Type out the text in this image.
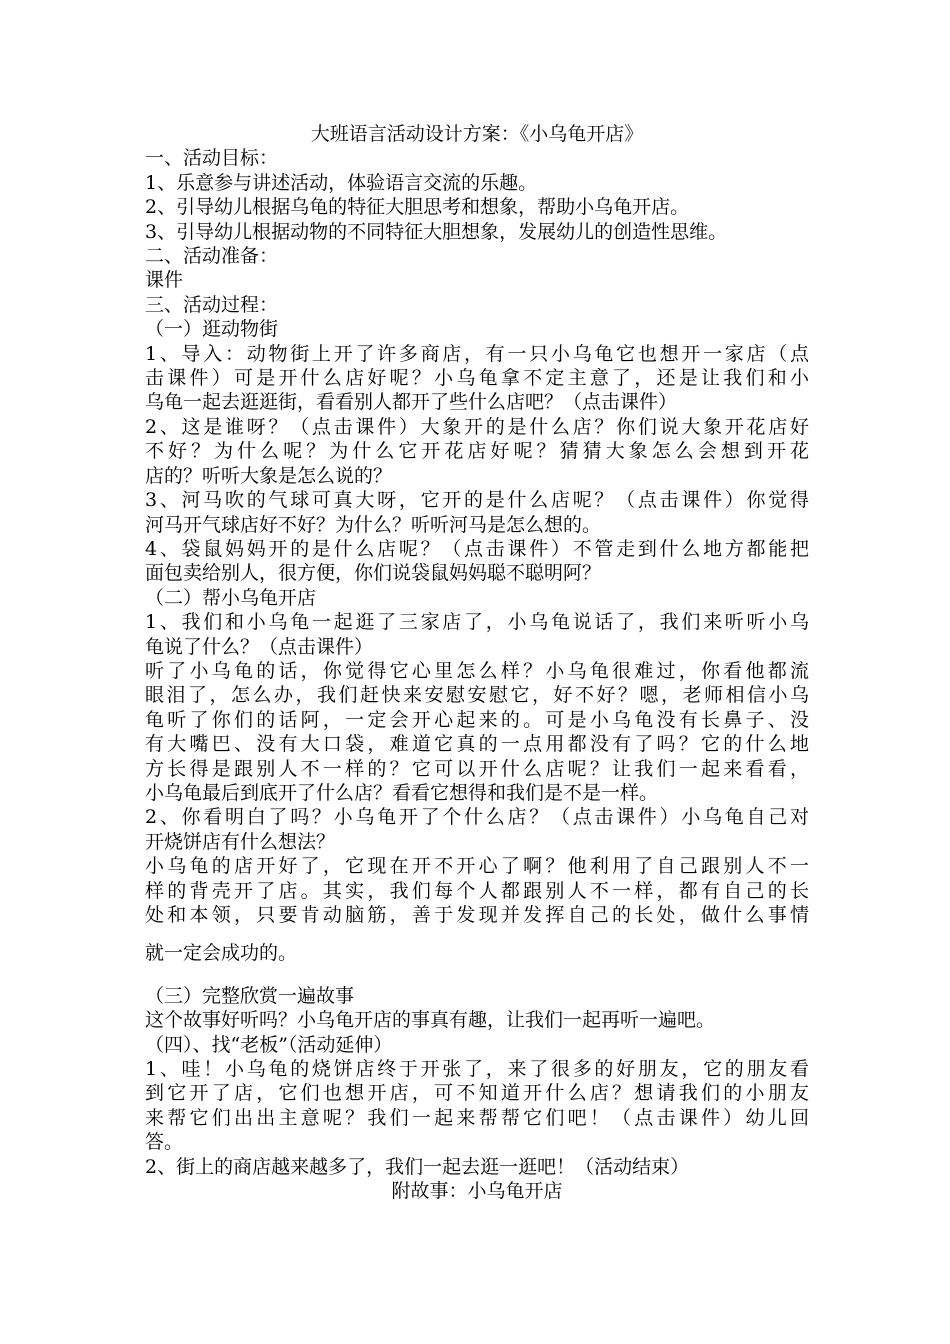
大班语言活动设计方案：《小乌龟开店》
一、活动目标：
1、乐意参与讲述活动，体验语言交流的乐趣。
2、引导幼儿根据乌龟的特征大胆思考和想象，帮助小乌龟开店。
3、引导幼儿根据动物的不同特征大胆想象，发展幼儿的创造性思维。
二、活动准备：
课件
三、活动过程：
（一）逛动物街
1、导入：动物街上开了许多商店，有一只小乌龟它也想开一家店（点
击课件）可是开什么店好呢？小乌龟拿不定主意了，还是让我们和小
乌龟一起去逛逛街，看看别人都开了些什么店吧？（点击课件）
2、这是谁呀？（点击课件）大象开的是什么店？你们说大象开花店好
不好？为什么呢？为什么它开花店好呢？猜猜大象怎么会想到开花
店的？听听大象是怎么说的？
3、河马吹的气球可真大呀，它开的是什么店呢？（点击课件）你觉得
河马开气球店好不好？为什么？听听河马是怎么想的。
4、袋鼠妈妈开的是什么店呢？（点击课件）不管走到什么地方都能把
面包卖给别人，很方便，你们说袋鼠妈妈聪不聪明阿？
（二）帮小乌龟开店
1、我们和小乌龟一起逛了三家店了，小乌龟说话了，我们来听听小乌
龟说了什么？（点击课件）
听了小乌龟的话，你觉得它心里怎么样？小乌龟很难过，你看他都流
眼泪了，怎么办，我们赶快来安慰安慰它，好不好？嗯，老师相信小乌
龟听了你们的话阿，一定会开心起来的。可是小乌龟没有长鼻子、没
有大嘴巴、没有大口袋，难道它真的一点用都没有了吗？它的什么地
方长得是跟别人不一样的？它可以开什么店呢？让我们一起来看看，
小乌龟最后到底开了什么店？看看它想得和我们是不是一样。
2、你看明白了吗？小乌龟开了个什么店？（点击课件）小乌龟自己对
开烧饼店有什么想法？
小乌龟的店开好了，它现在开不开心了啊？他利用了自己跟别人不一
样的背壳开了店。其实，我们每个人都跟别人不一样，都有自己的长
处和本领，只要肯动脑筋，善于发现并发挥自己的长处，做什么事情
就一定会成功的。
（三）完整欣赏一遍故事
这个故事好听吗？小乌龟开店的事真有趣，让我们一起再听一遍吧。
（四）、找“老板”（活动延伸）
1、哇！小乌龟的烧饼店终于开张了，来了很多的好朋友，它的朋友看
到它开了店，它们也想开店，可不知道开什么店？想请我们的小朋友
来帮它们出出主意呢？我们一起来帮帮它们吧！（点击课件）幼儿回
答。
2、街上的商店越来越多了，我们一起去逛一逛吧！（活动结束）
附故事：小乌龟开店
